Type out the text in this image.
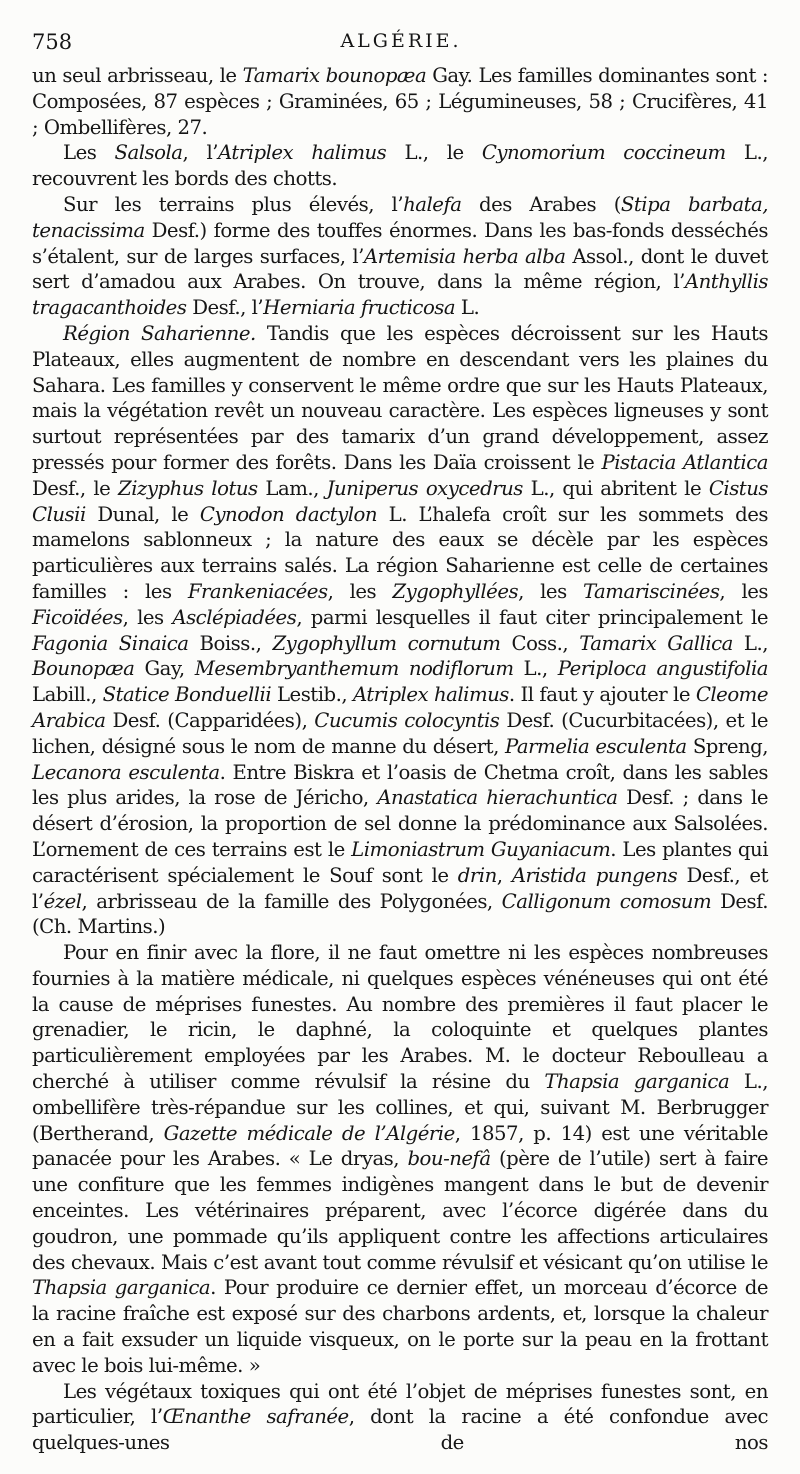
758	ALGÉRIE.

un seul arbrisseau, le Tamarix bounopæa Gay. Les familles dominantes sont : Composées, 87 espèces ; Graminées, 65 ; Légumineuses, 58 ; Crucifères, 41 ; Ombellifères, 27.

Les Salsola, l’Atriplex halimus L., le Cynomorium coccineum L., recouvrent les bords des chotts.

Sur les terrains plus élevés, l’halefa des Arabes (Stipa barbata, tenacissima Desf.) forme des touffes énormes. Dans les bas-fonds desséchés s’étalent, sur de larges surfaces, l’Artemisia herba alba Assol., dont le duvet sert d’amadou aux Arabes. On trouve, dans la même région, l’Anthyllis tragacanthoides Desf., l’Herniaria fructicosa L.

Région Saharienne. Tandis que les espèces décroissent sur les Hauts Plateaux, elles augmentent de nombre en descendant vers les plaines du Sahara. Les familles y conservent le même ordre que sur les Hauts Plateaux, mais la végétation revêt un nouveau caractère. Les espèces ligneuses y sont surtout représentées par des tamarix d’un grand développement, assez pressés pour former des forêts. Dans les Daïa croissent le Pistacia Atlantica Desf., le Zizyphus lotus Lam., Juniperus oxycedrus L., qui abritent le Cistus Clusii Dunal, le Cynodon dactylon L. L’halefa croît sur les sommets des mamelons sablonneux ; la nature des eaux se décèle par les espèces particulières aux terrains salés. La région Saharienne est celle de certaines familles : les Frankeniacées, les Zygophyllées, les Tamariscinées, les Ficoïdées, les Asclépiadées, parmi lesquelles il faut citer principalement le Fagonia Sinaica Boiss., Zygophyllum cornutum Coss., Tamarix Gallica L., Bounopæa Gay, Mesembryanthemum nodiflorum L., Periploca angustifolia Labill., Statice Bonduellii Lestib., Atriplex halimus. Il faut y ajouter le Cleome Arabica Desf. (Capparidées), Cucumis colocyntis Desf. (Cucurbitacées), et le lichen, désigné sous le nom de manne du désert, Parmelia esculenta Spreng, Lecanora esculenta. Entre Biskra et l’oasis de Chetma croît, dans les sables les plus arides, la rose de Jéricho, Anastatica hierachuntica Desf. ; dans le désert d’érosion, la proportion de sel donne la prédominance aux Salsolées. L’ornement de ces terrains est le Limoniastrum Guyaniacum. Les plantes qui caractérisent spécialement le Souf sont le drin, Aristida pungens Desf., et l’ézel, arbrisseau de la famille des Polygonées, Calligonum comosum Desf. (Ch. Martins.)

Pour en finir avec la flore, il ne faut omettre ni les espèces nombreuses fournies à la matière médicale, ni quelques espèces vénéneuses qui ont été la cause de méprises funestes. Au nombre des premières il faut placer le grenadier, le ricin, le daphné, la coloquinte et quelques plantes particulièrement employées par les Arabes. M. le docteur Reboulleau a cherché à utiliser comme révulsif la résine du Thapsia garganica L., ombellifère très-répandue sur les collines, et qui, suivant M. Berbrugger (Bertherand, Gazette médicale de l’Algérie, 1857, p. 14) est une véritable panacée pour les Arabes. « Le dryas, bou-nefâ (père de l’utile) sert à faire une confiture que les femmes indigènes mangent dans le but de devenir enceintes. Les vétérinaires préparent, avec l’écorce digérée dans du goudron, une pommade qu’ils appliquent contre les affections articulaires des chevaux. Mais c’est avant tout comme révulsif et vésicant qu’on utilise le Thapsia garganica. Pour produire ce dernier effet, un morceau d’écorce de la racine fraîche est exposé sur des charbons ardents, et, lorsque la chaleur en a fait exsuder un liquide visqueux, on le porte sur la peau en la frottant avec le bois lui-même. »

Les végétaux toxiques qui ont été l’objet de méprises funestes sont, en particulier, l’Œnanthe safranée, dont la racine a été confondue avec quelques-unes de nos
